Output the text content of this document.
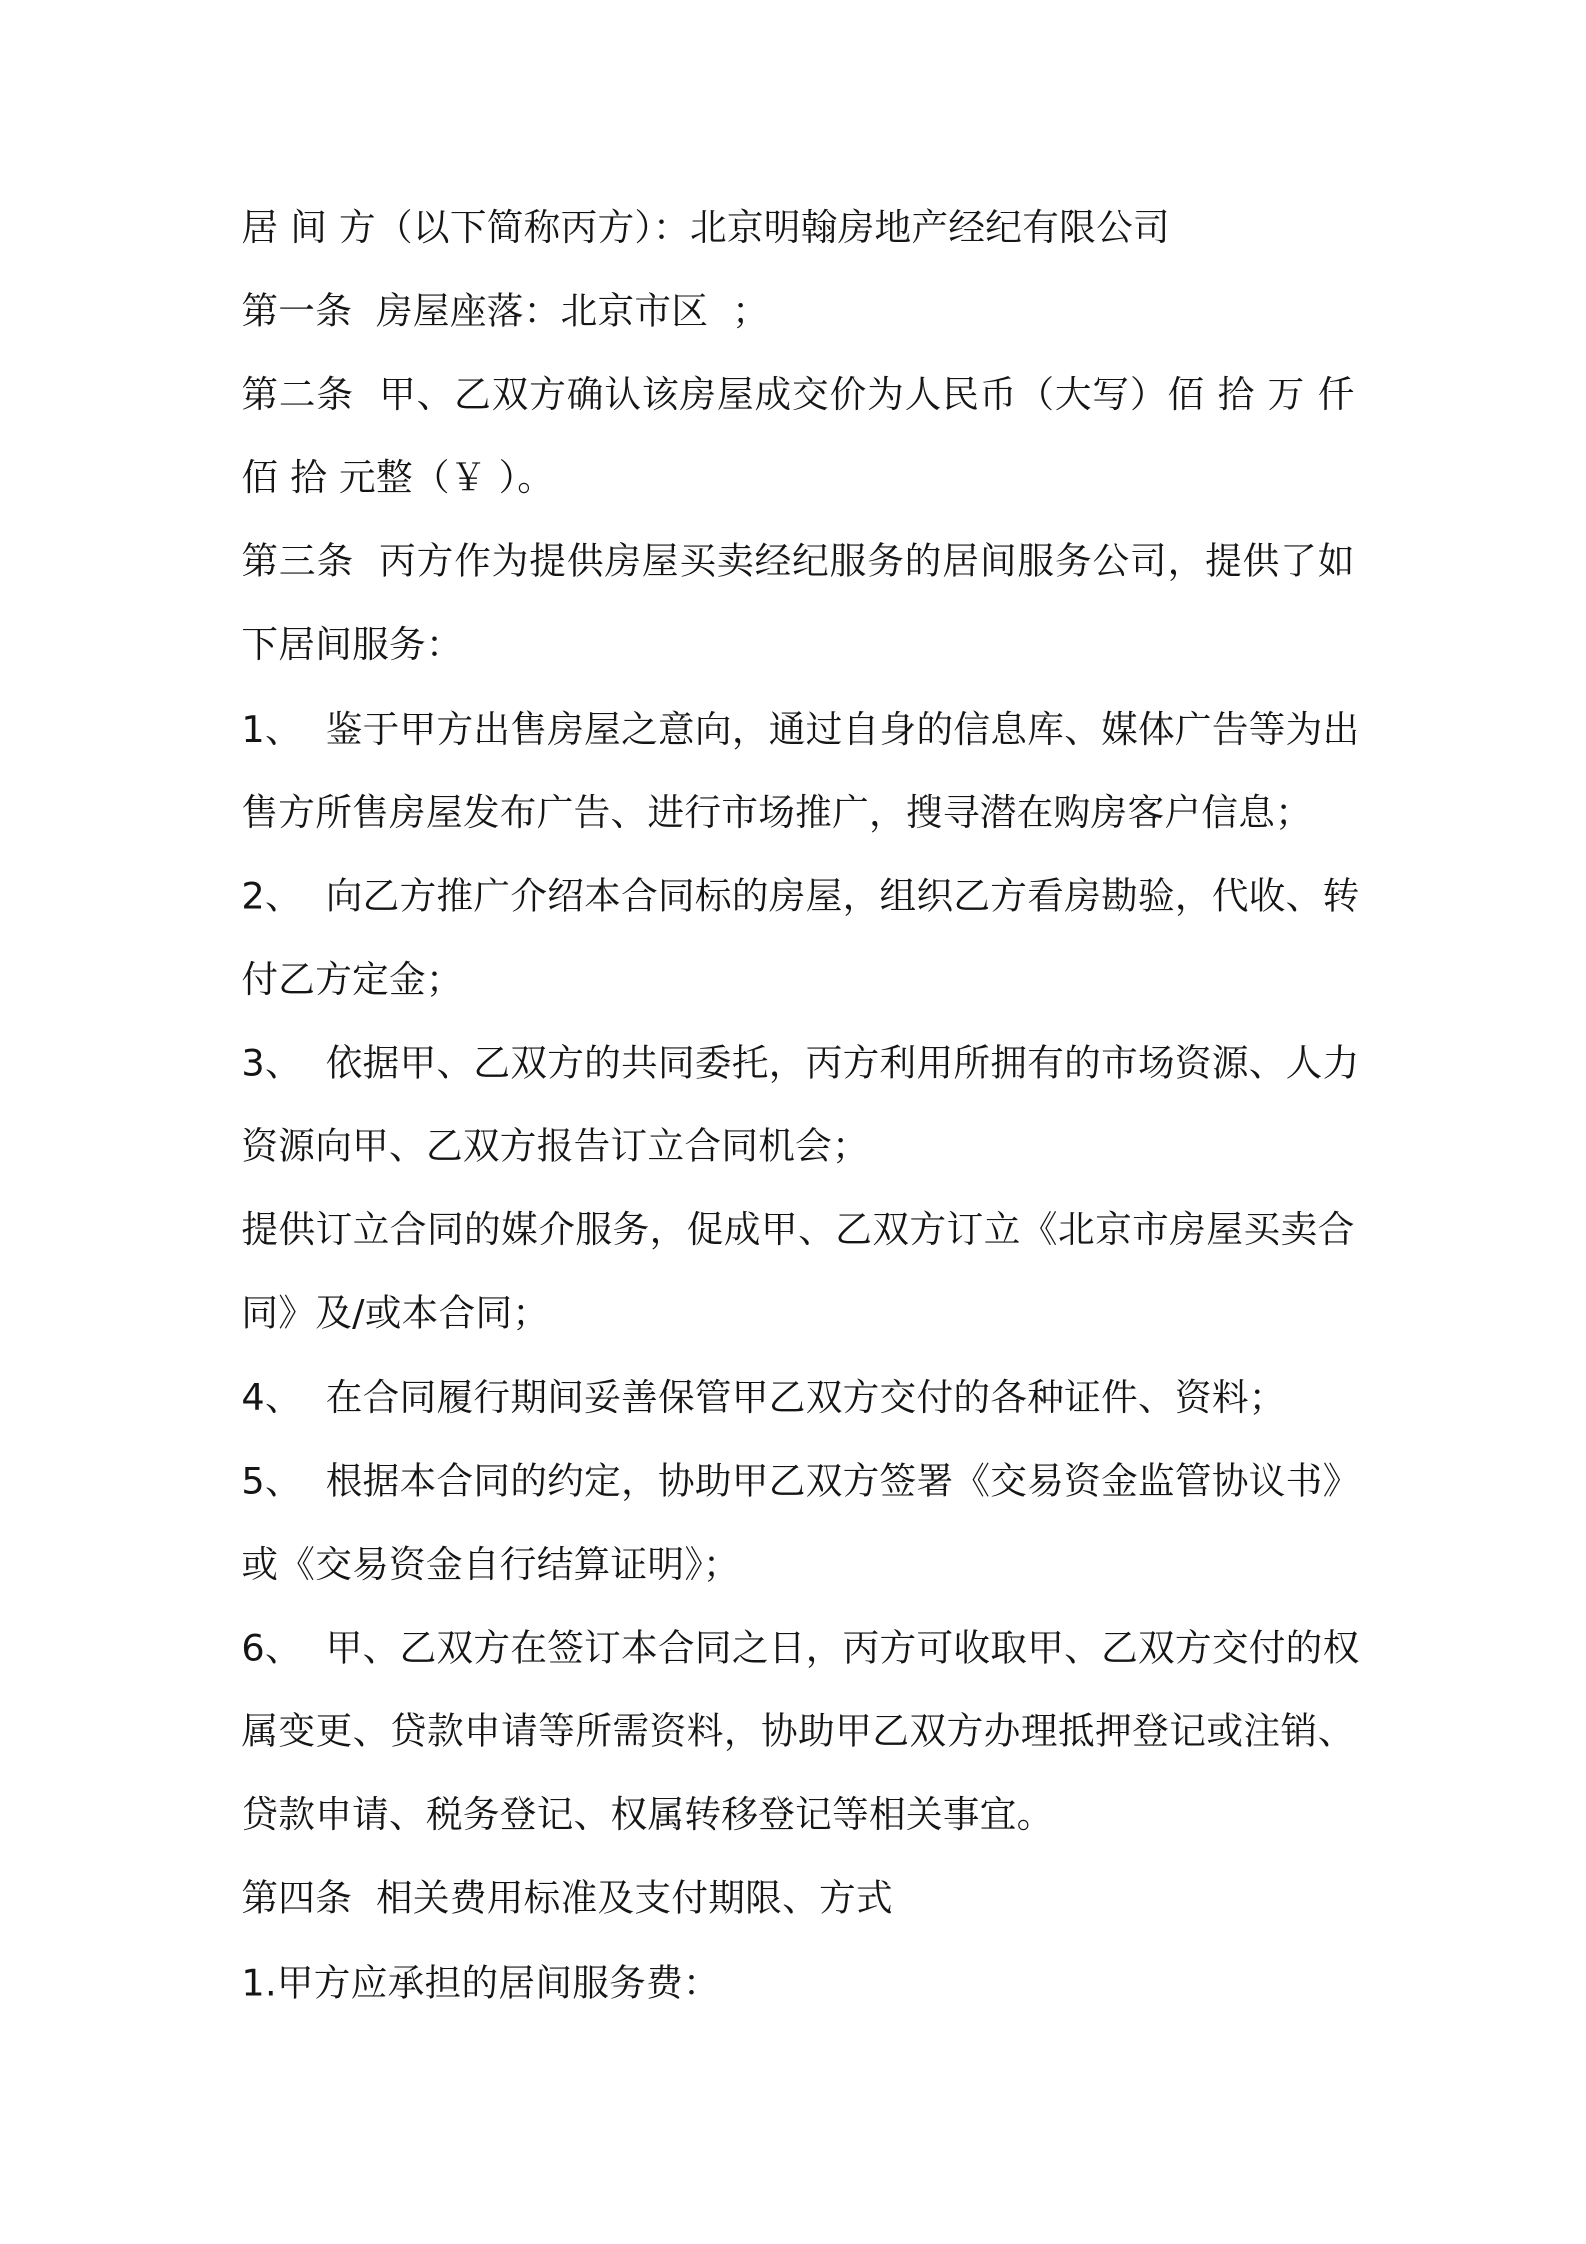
居 间 方（以下简称丙方）：北京明翰房地产经纪有限公司
第一条  房屋座落：北京市区  ；
第二条  甲、乙双方确认该房屋成交价为人民币（大写）佰 拾 万 仟
佰 拾 元整（￥ ）。
第三条  丙方作为提供房屋买卖经纪服务的居间服务公司，提供了如
下居间服务：
1、  鉴于甲方出售房屋之意向，通过自身的信息库、媒体广告等为出
售方所售房屋发布广告、进行市场推广，搜寻潜在购房客户信息；
2、  向乙方推广介绍本合同标的房屋，组织乙方看房勘验，代收、转
付乙方定金；
3、  依据甲、乙双方的共同委托，丙方利用所拥有的市场资源、人力
资源向甲、乙双方报告订立合同机会；
提供订立合同的媒介服务，促成甲、乙双方订立《北京市房屋买卖合
同》及/或本合同；
4、  在合同履行期间妥善保管甲乙双方交付的各种证件、资料；
5、  根据本合同的约定，协助甲乙双方签署《交易资金监管协议书》
或《交易资金自行结算证明》；
6、  甲、乙双方在签订本合同之日，丙方可收取甲、乙双方交付的权
属变更、贷款申请等所需资料，协助甲乙双方办理抵押登记或注销、
贷款申请、税务登记、权属转移登记等相关事宜。
第四条  相关费用标准及支付期限、方式
1.甲方应承担的居间服务费：
